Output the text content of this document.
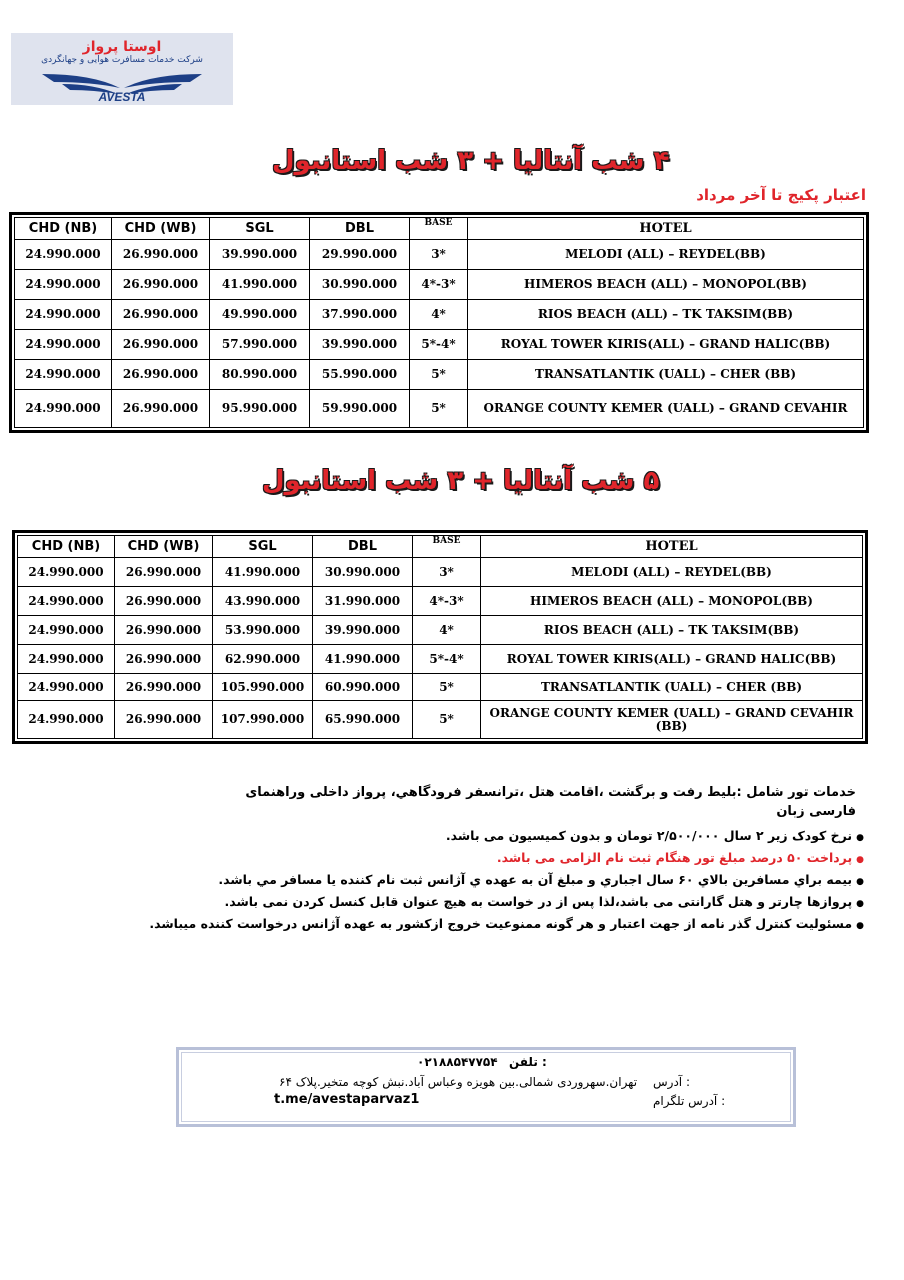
اوستا پرواز
شرکت خدمات مسافرت هوایی و جهانگردی
AVESTA
۴ شب آنتالیا + ۳ شب استانبول
اعتبار پکیج تا آخر مرداد
CHD (NB)	CHD (WB)	SGL	DBL	BASE	HOTEL
24.990.000	26.990.000	39.990.000	29.990.000	3*	MELODI (ALL) – REYDEL(BB)
24.990.000	26.990.000	41.990.000	30.990.000	4*-3*	HIMEROS BEACH (ALL) – MONOPOL(BB)
24.990.000	26.990.000	49.990.000	37.990.000	4*	RIOS BEACH (ALL) – TK TAKSIM(BB)
24.990.000	26.990.000	57.990.000	39.990.000	5*-4*	ROYAL TOWER KIRIS(ALL) – GRAND HALIC(BB)
24.990.000	26.990.000	80.990.000	55.990.000	5*	TRANSATLANTIK (UALL) – CHER (BB)
24.990.000	26.990.000	95.990.000	59.990.000	5*	ORANGE COUNTY KEMER (UALL) – GRAND CEVAHIR
۵ شب آنتالیا + ۳ شب استانبول
CHD (NB)	CHD (WB)	SGL	DBL	BASE	HOTEL
24.990.000	26.990.000	41.990.000	30.990.000	3*	MELODI (ALL) – REYDEL(BB)
24.990.000	26.990.000	43.990.000	31.990.000	4*-3*	HIMEROS BEACH (ALL) – MONOPOL(BB)
24.990.000	26.990.000	53.990.000	39.990.000	4*	RIOS BEACH (ALL) – TK TAKSIM(BB)
24.990.000	26.990.000	62.990.000	41.990.000	5*-4*	ROYAL TOWER KIRIS(ALL) – GRAND HALIC(BB)
24.990.000	26.990.000	105.990.000	60.990.000	5*	TRANSATLANTIK (UALL) – CHER (BB)
24.990.000	26.990.000	107.990.000	65.990.000	5*	ORANGE COUNTY KEMER (UALL) – GRAND CEVAHIR (BB)
خدمات تور شامل :بلیط رفت و برگشت ،اقامت هتل ،ترانسفر فرودگاهي، پرواز داخلی وراهنمای فارسی زبان
● نرخ کودک زیر ۲ سال ۲/۵۰۰/۰۰۰ تومان و بدون کمیسیون می باشد.
● پرداخت ۵۰ درصد مبلغ تور هنگام ثبت نام الزامی می باشد.
● بیمه براي مسافرین بالاي ۶۰ سال اجباري و مبلغ آن به عهده ي آژانس ثبت نام کننده یا مسافر مي باشد.
● پروازها چارتر و هتل گارانتی می باشد،لذا پس از در خواست به هیچ عنوان قابل کنسل کردن نمی باشد.
● مسئولیت کنترل گذر نامه از جهت اعتبار و هر گونه ممنوعیت خروج ازکشور به عهده آژانس درخواست کننده میباشد.
تلفن :
۰۲۱۸۸۵۴۷۷۵۴
آدرس :
تهران.سهروردی شمالی.بین هویزه وعباس آباد.نبش کوچه متخیر.پلاک ۶۴
آدرس تلگرام :
t.me/avestaparvaz1
